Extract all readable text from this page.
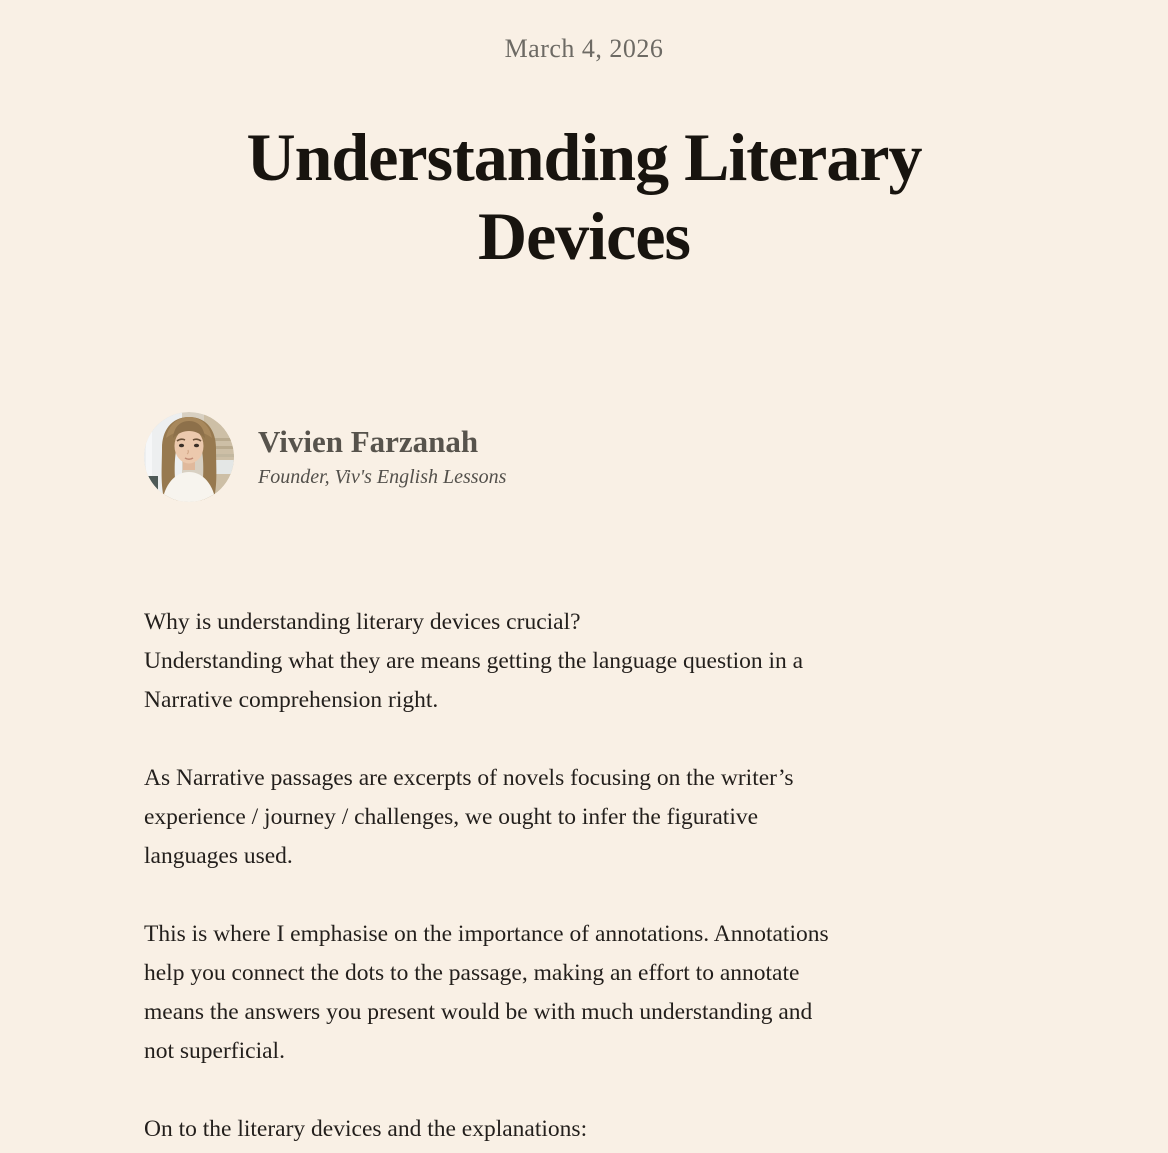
March 4, 2026
Understanding Literary Devices
Vivien Farzanah
Founder, Viv's English Lessons

Why is understanding literary devices crucial?
Understanding what they are means getting the language question in a
Narrative comprehension right.

As Narrative passages are excerpts of novels focusing on the writer’s
experience / journey / challenges, we ought to infer the figurative
languages used.

This is where I emphasise on the importance of annotations. Annotations
help you connect the dots to the passage, making an effort to annotate
means the answers you present would be with much understanding and
not superficial.

On to the literary devices and the explanations:
